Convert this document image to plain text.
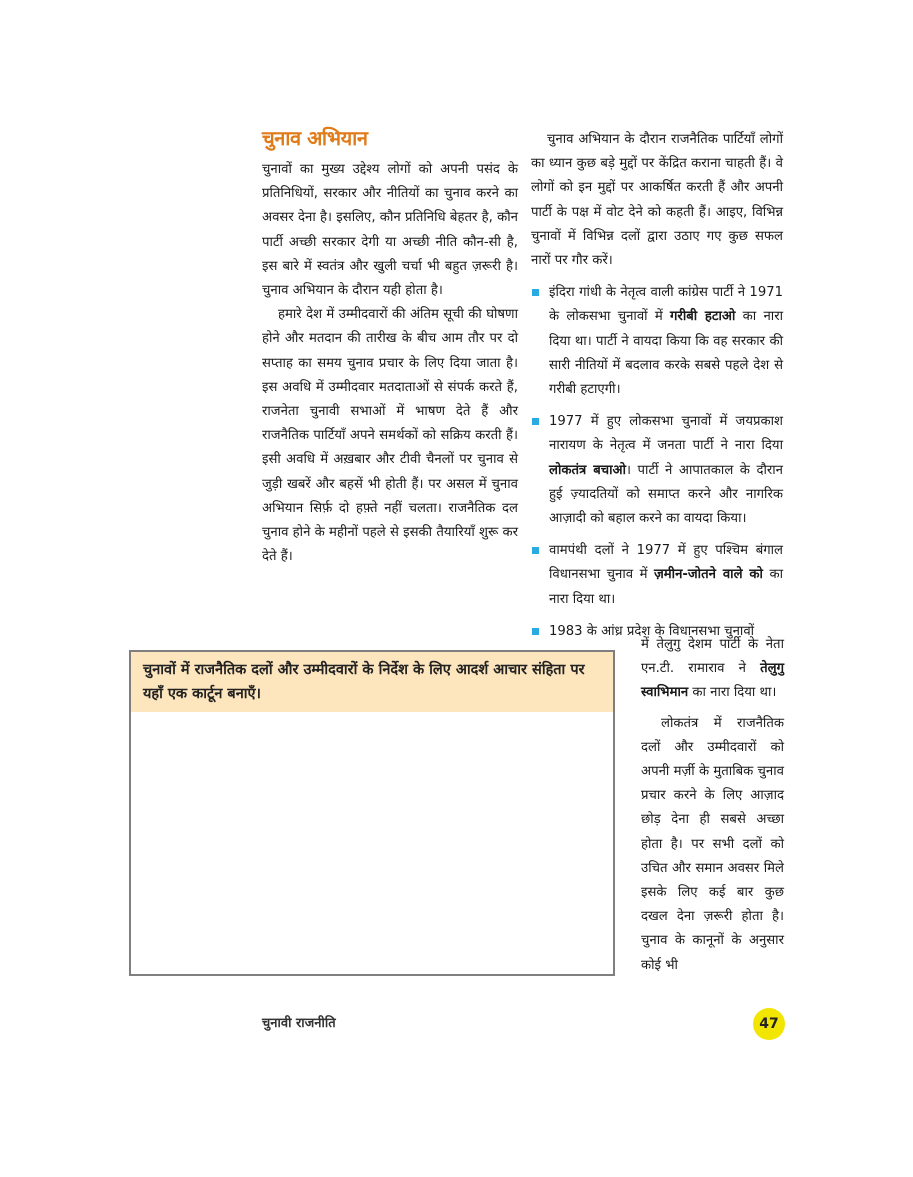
चुनाव अभियान

चुनावों का मुख्य उद्देश्य लोगों को अपनी पसंद के प्रतिनिधियों, सरकार और नीतियों का चुनाव करने का अवसर देना है। इसलिए, कौन प्रतिनिधि बेहतर है, कौन पार्टी अच्छी सरकार देगी या अच्छी नीति कौन-सी है, इस बारे में स्वतंत्र और खुली चर्चा भी बहुत ज़रूरी है। चुनाव अभियान के दौरान यही होता है।

हमारे देश में उम्मीदवारों की अंतिम सूची की घोषणा होने और मतदान की तारीख के बीच आम तौर पर दो सप्ताह का समय चुनाव प्रचार के लिए दिया जाता है। इस अवधि में उम्मीदवार मतदाताओं से संपर्क करते हैं, राजनेता चुनावी सभाओं में भाषण देते हैं और राजनैतिक पार्टियाँ अपने समर्थकों को सक्रिय करती हैं। इसी अवधि में अख़बार और टीवी चैनलों पर चुनाव से जुड़ी खबरें और बहसें भी होती हैं। पर असल में चुनाव अभियान सिर्फ़ दो हफ़्ते नहीं चलता। राजनैतिक दल चुनाव होने के महीनों पहले से इसकी तैयारियाँ शुरू कर देते हैं।

चुनाव अभियान के दौरान राजनैतिक पार्टियाँ लोगों का ध्यान कुछ बड़े मुद्दों पर केंद्रित कराना चाहती हैं। वे लोगों को इन मुद्दों पर आकर्षित करती हैं और अपनी पार्टी के पक्ष में वोट देने को कहती हैं। आइए, विभिन्न चुनावों में विभिन्न दलों द्वारा उठाए गए कुछ सफल नारों पर गौर करें।

इंदिरा गांधी के नेतृत्व वाली कांग्रेस पार्टी ने 1971 के लोकसभा चुनावों में गरीबी हटाओ का नारा दिया था। पार्टी ने वायदा किया कि वह सरकार की सारी नीतियों में बदलाव करके सबसे पहले देश से गरीबी हटाएगी।
1977 में हुए लोकसभा चुनावों में जयप्रकाश नारायण के नेतृत्व में जनता पार्टी ने नारा दिया लोकतंत्र बचाओ। पार्टी ने आपातकाल के दौरान हुई ज़्यादतियों को समाप्त करने और नागरिक आज़ादी को बहाल करने का वायदा किया।
वामपंथी दलों ने 1977 में हुए पश्चिम बंगाल विधानसभा चुनाव में ज़मीन-जोतने वाले को का नारा दिया था।
1983 के आंध्र प्रदेश के विधानसभा चुनावों

में तेलुगु देशम पार्टी के नेता एन.टी. रामाराव ने तेलुगु स्वाभिमान का नारा दिया था।

लोकतंत्र में राजनैतिक दलों और उम्मीदवारों को अपनी मर्ज़ी के मुताबिक चुनाव प्रचार करने के लिए आज़ाद छोड़ देना ही सबसे अच्छा होता है। पर सभी दलों को उचित और समान अवसर मिले इसके लिए कई बार कुछ दखल देना ज़रूरी होता है। चुनाव के कानूनों के अनुसार कोई भी

चुनावों में राजनैतिक दलों और उम्मीदवारों के निर्देश के लिए आदर्श आचार संहिता पर यहाँ एक कार्टून बनाएँ।
चुनावी राजनीति	47
